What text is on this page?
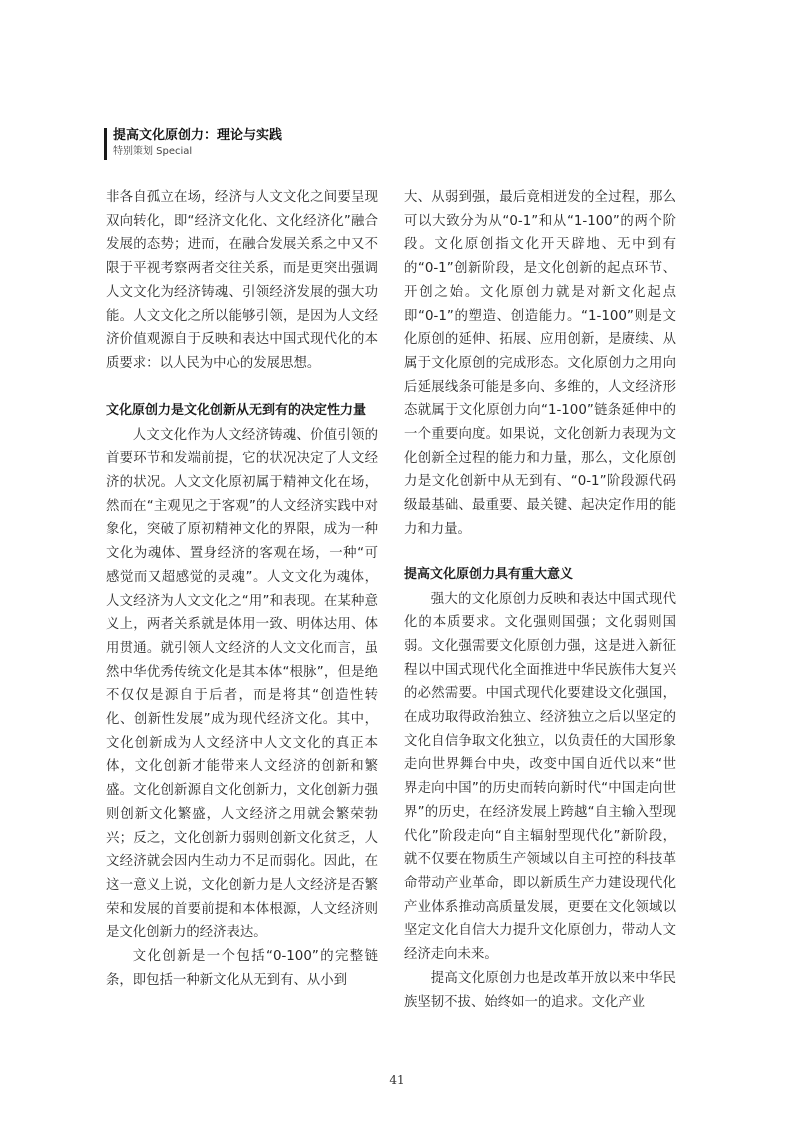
提高文化原创力：理论与实践
特别策划 Special

非各自孤立在场，经济与人文文化之间要呈现双向转化，即“经济文化化、文化经济化”融合发展的态势；进而，在融合发展关系之中又不限于平视考察两者交往关系，而是更突出强调人文文化为经济铸魂、引领经济发展的强大功能。人文文化之所以能够引领，是因为人文经济价值观源自于反映和表达中国式现代化的本质要求：以人民为中心的发展思想。

文化原创力是文化创新从无到有的决定性力量

人文文化作为人文经济铸魂、价值引领的首要环节和发端前提，它的状况决定了人文经济的状况。人文文化原初属于精神文化在场，然而在“主观见之于客观”的人文经济实践中对象化，突破了原初精神文化的界限，成为一种文化为魂体、置身经济的客观在场，一种“可感觉而又超感觉的灵魂”。人文文化为魂体，人文经济为人文文化之“用”和表现。在某种意义上，两者关系就是体用一致、明体达用、体用贯通。就引领人文经济的人文文化而言，虽然中华优秀传统文化是其本体“根脉”，但是绝不仅仅是源自于后者，而是将其“创造性转化、创新性发展”成为现代经济文化。其中，文化创新成为人文经济中人文文化的真正本体，文化创新才能带来人文经济的创新和繁盛。文化创新源自文化创新力，文化创新力强则创新文化繁盛，人文经济之用就会繁荣勃兴；反之，文化创新力弱则创新文化贫乏，人文经济就会因内生动力不足而弱化。因此，在这一意义上说，文化创新力是人文经济是否繁荣和发展的首要前提和本体根源，人文经济则是文化创新力的经济表达。

文化创新是一个包括“0-100”的完整链条，即包括一种新文化从无到有、从小到

大、从弱到强，最后竟相迸发的全过程，那么可以大致分为从“0-1”和从“1-100”的两个阶段。文化原创指文化开天辟地、无中到有的“0-1”创新阶段，是文化创新的起点环节、开创之始。文化原创力就是对新文化起点即“0-1”的塑造、创造能力。“1-100”则是文化原创的延伸、拓展、应用创新，是赓续、从属于文化原创的完成形态。文化原创力之用向后延展线条可能是多向、多维的，人文经济形态就属于文化原创力向“1-100”链条延伸中的一个重要向度。如果说，文化创新力表现为文化创新全过程的能力和力量，那么，文化原创力是文化创新中从无到有、“0-1”阶段源代码级最基础、最重要、最关键、起决定作用的能力和力量。

提高文化原创力具有重大意义

强大的文化原创力反映和表达中国式现代化的本质要求。文化强则国强；文化弱则国弱。文化强需要文化原创力强，这是进入新征程以中国式现代化全面推进中华民族伟大复兴的必然需要。中国式现代化要建设文化强国，在成功取得政治独立、经济独立之后以坚定的文化自信争取文化独立，以负责任的大国形象走向世界舞台中央，改变中国自近代以来“世界走向中国”的历史而转向新时代“中国走向世界”的历史，在经济发展上跨越“自主输入型现代化”阶段走向“自主辐射型现代化”新阶段，就不仅要在物质生产领域以自主可控的科技革命带动产业革命，即以新质生产力建设现代化产业体系推动高质量发展，更要在文化领域以坚定文化自信大力提升文化原创力，带动人文经济走向未来。

提高文化原创力也是改革开放以来中华民族坚韧不拔、始终如一的追求。文化产业

41
